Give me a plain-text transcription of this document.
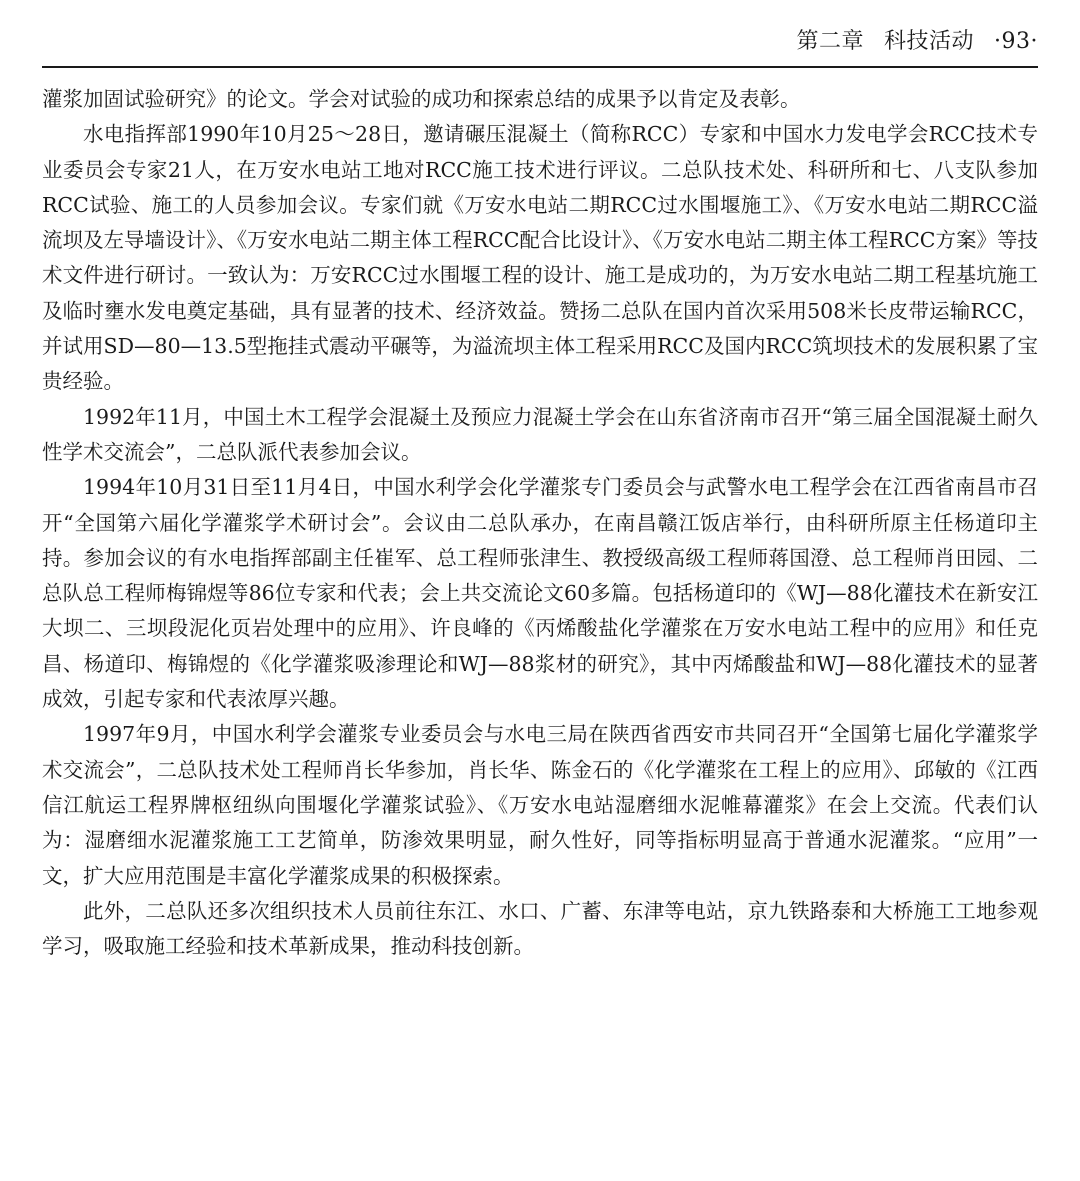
第二章 科技活动 ·93·

灌浆加固试验研究》的论文。学会对试验的成功和探索总结的成果予以肯定及表彰。

水电指挥部1990年10月25～28日，邀请碾压混凝土（简称RCC）专家和中国水力发电学会RCC技术专业委员会专家21人，在万安水电站工地对RCC施工技术进行评议。二总队技术处、科研所和七、八支队参加RCC试验、施工的人员参加会议。专家们就《万安水电站二期RCC过水围堰施工》、《万安水电站二期RCC溢流坝及左导墙设计》、《万安水电站二期主体工程RCC配合比设计》、《万安水电站二期主体工程RCC方案》等技术文件进行研讨。一致认为：万安RCC过水围堰工程的设计、施工是成功的，为万安水电站二期工程基坑施工及临时壅水发电奠定基础，具有显著的技术、经济效益。赞扬二总队在国内首次采用508米长皮带运输RCC，并试用SD—80—13.5型拖挂式震动平碾等，为溢流坝主体工程采用RCC及国内RCC筑坝技术的发展积累了宝贵经验。

1992年11月，中国土木工程学会混凝土及预应力混凝土学会在山东省济南市召开“第三届全国混凝土耐久性学术交流会”，二总队派代表参加会议。

1994年10月31日至11月4日，中国水利学会化学灌浆专门委员会与武警水电工程学会在江西省南昌市召开“全国第六届化学灌浆学术研讨会”。会议由二总队承办，在南昌赣江饭店举行，由科研所原主任杨道印主持。参加会议的有水电指挥部副主任崔军、总工程师张津生、教授级高级工程师蒋国澄、总工程师肖田园、二总队总工程师梅锦煜等86位专家和代表；会上共交流论文60多篇。包括杨道印的《WJ—88化灌技术在新安江大坝二、三坝段泥化页岩处理中的应用》、许良峰的《丙烯酸盐化学灌浆在万安水电站工程中的应用》和任克昌、杨道印、梅锦煜的《化学灌浆吸渗理论和WJ—88浆材的研究》，其中丙烯酸盐和WJ—88化灌技术的显著成效，引起专家和代表浓厚兴趣。

1997年9月，中国水利学会灌浆专业委员会与水电三局在陕西省西安市共同召开“全国第七届化学灌浆学术交流会”，二总队技术处工程师肖长华参加，肖长华、陈金石的《化学灌浆在工程上的应用》、邱敏的《江西信江航运工程界牌枢纽纵向围堰化学灌浆试验》、《万安水电站湿磨细水泥帷幕灌浆》在会上交流。代表们认为：湿磨细水泥灌浆施工工艺简单，防渗效果明显，耐久性好，同等指标明显高于普通水泥灌浆。“应用”一文，扩大应用范围是丰富化学灌浆成果的积极探索。

此外，二总队还多次组织技术人员前往东江、水口、广蓄、东津等电站，京九铁路泰和大桥施工工地参观学习，吸取施工经验和技术革新成果，推动科技创新。
